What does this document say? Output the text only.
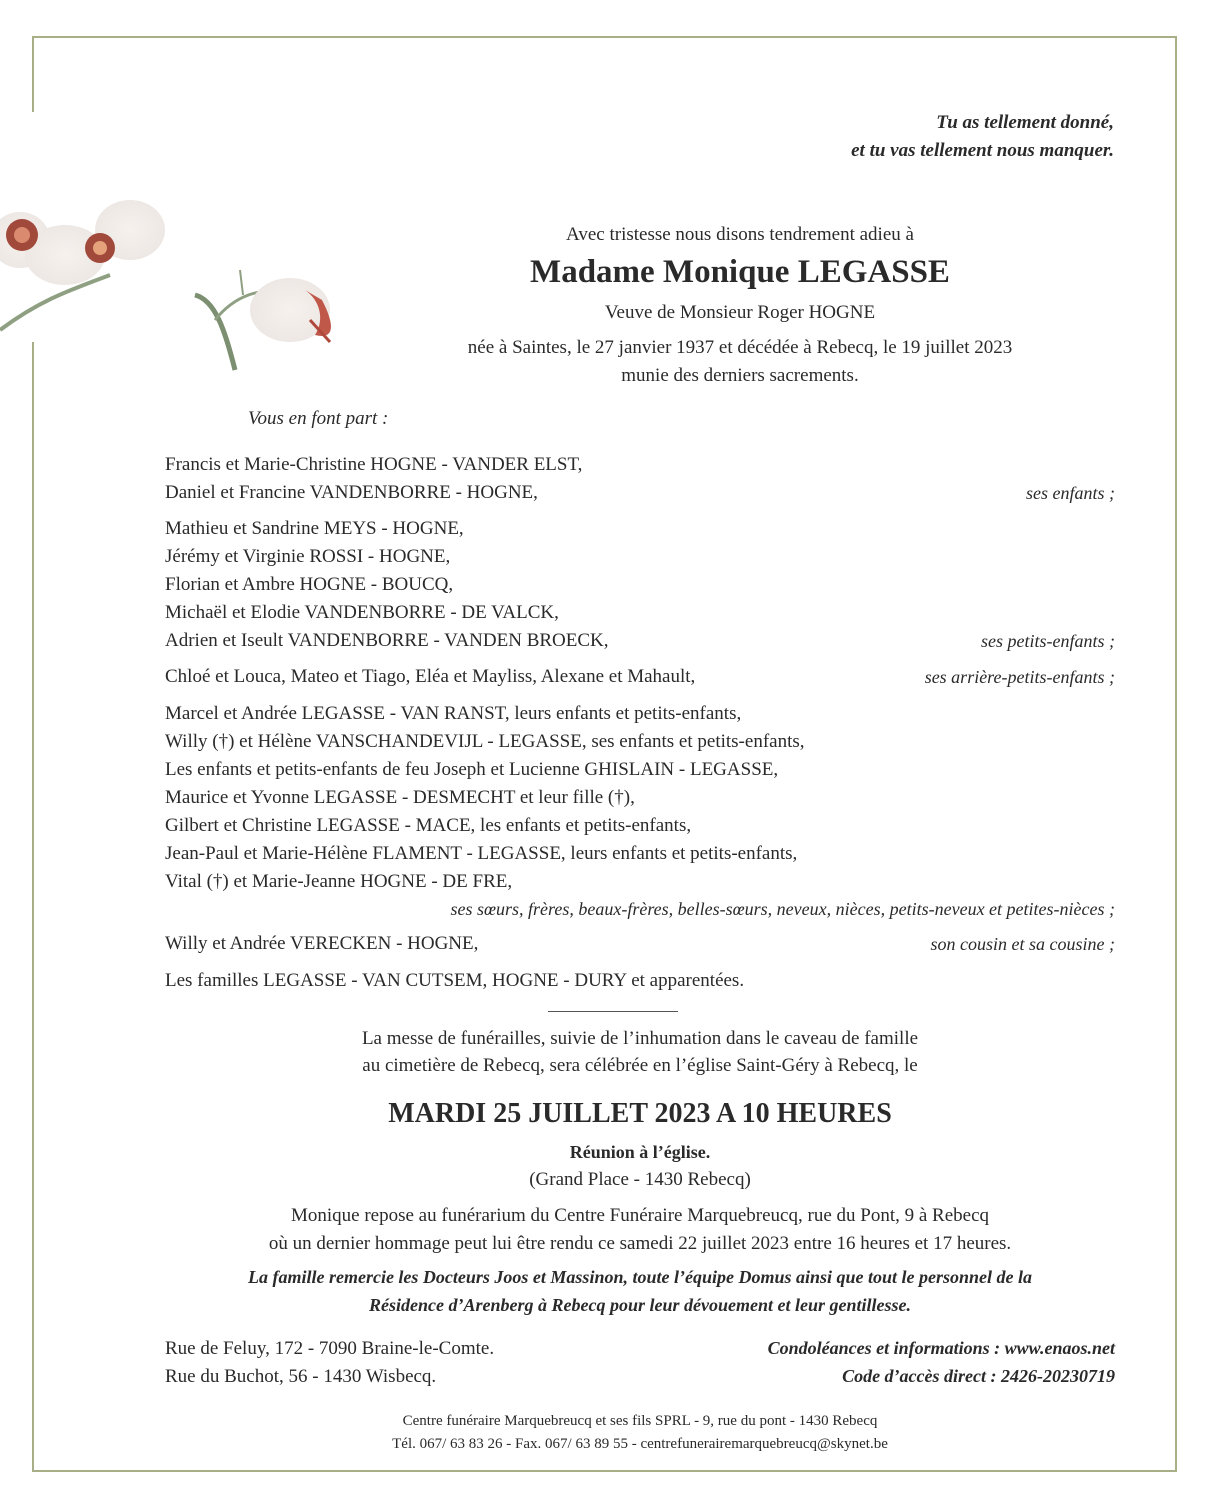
Tu as tellement donné,
et tu vas tellement nous manquer.
Avec tristesse nous disons tendrement adieu à
Madame Monique LEGASSE
Veuve de Monsieur Roger HOGNE
née à Saintes, le 27 janvier 1937 et décédée à Rebecq, le 19 juillet 2023
munie des derniers sacrements.
Vous en font part :
Francis et Marie-Christine HOGNE - VANDER ELST,
Daniel et Francine VANDENBORRE - HOGNE,	ses enfants ;
Mathieu et Sandrine MEYS - HOGNE,
Jérémy et Virginie ROSSI - HOGNE,
Florian et Ambre HOGNE - BOUCQ,
Michaël et Elodie VANDENBORRE - DE VALCK,
Adrien et Iseult VANDENBORRE - VANDEN BROECK,	ses petits-enfants ;
Chloé et Louca, Mateo et Tiago, Eléa et Mayliss, Alexane et Mahault,	ses arrière-petits-enfants ;
Marcel et Andrée LEGASSE - VAN RANST, leurs enfants et petits-enfants,
Willy (†) et Hélène VANSCHANDEVIJL - LEGASSE, ses enfants et petits-enfants,
Les enfants et petits-enfants de feu Joseph et Lucienne GHISLAIN - LEGASSE,
Maurice et Yvonne LEGASSE - DESMECHT et leur fille (†),
Gilbert et Christine LEGASSE - MACE, les enfants et petits-enfants,
Jean-Paul et Marie-Hélène FLAMENT - LEGASSE, leurs enfants et petits-enfants,
Vital (†) et Marie-Jeanne HOGNE - DE FRE,
ses sœurs, frères, beaux-frères, belles-sœurs, neveux, nièces, petits-neveux et petites-nièces ;
Willy et Andrée VERECKEN - HOGNE,	son cousin et sa cousine ;
Les familles LEGASSE - VAN CUTSEM, HOGNE - DURY et apparentées.
La messe de funérailles, suivie de l’inhumation dans le caveau de famille
au cimetière de Rebecq, sera célébrée en l’église Saint-Géry à Rebecq, le
MARDI 25 JUILLET 2023 A 10 HEURES
Réunion à l’église.
(Grand Place - 1430 Rebecq)
Monique repose au funérarium du Centre Funéraire Marquebreucq, rue du Pont, 9 à Rebecq
où un dernier hommage peut lui être rendu ce samedi 22 juillet 2023 entre 16 heures et 17 heures.
La famille remercie les Docteurs Joos et Massinon, toute l’équipe Domus ainsi que tout le personnel de la
Résidence d’Arenberg à Rebecq pour leur dévouement et leur gentillesse.
Rue de Feluy, 172 - 7090 Braine-le-Comte.
Rue du Buchot, 56 - 1430 Wisbecq.
Condoléances et informations : www.enaos.net
Code d’accès direct : 2426-20230719
Centre funéraire Marquebreucq et ses fils SPRL - 9, rue du pont - 1430 Rebecq
Tél. 067/ 63 83 26 - Fax. 067/ 63 89 55 - centrefunerairemarquebreucq@skynet.be
